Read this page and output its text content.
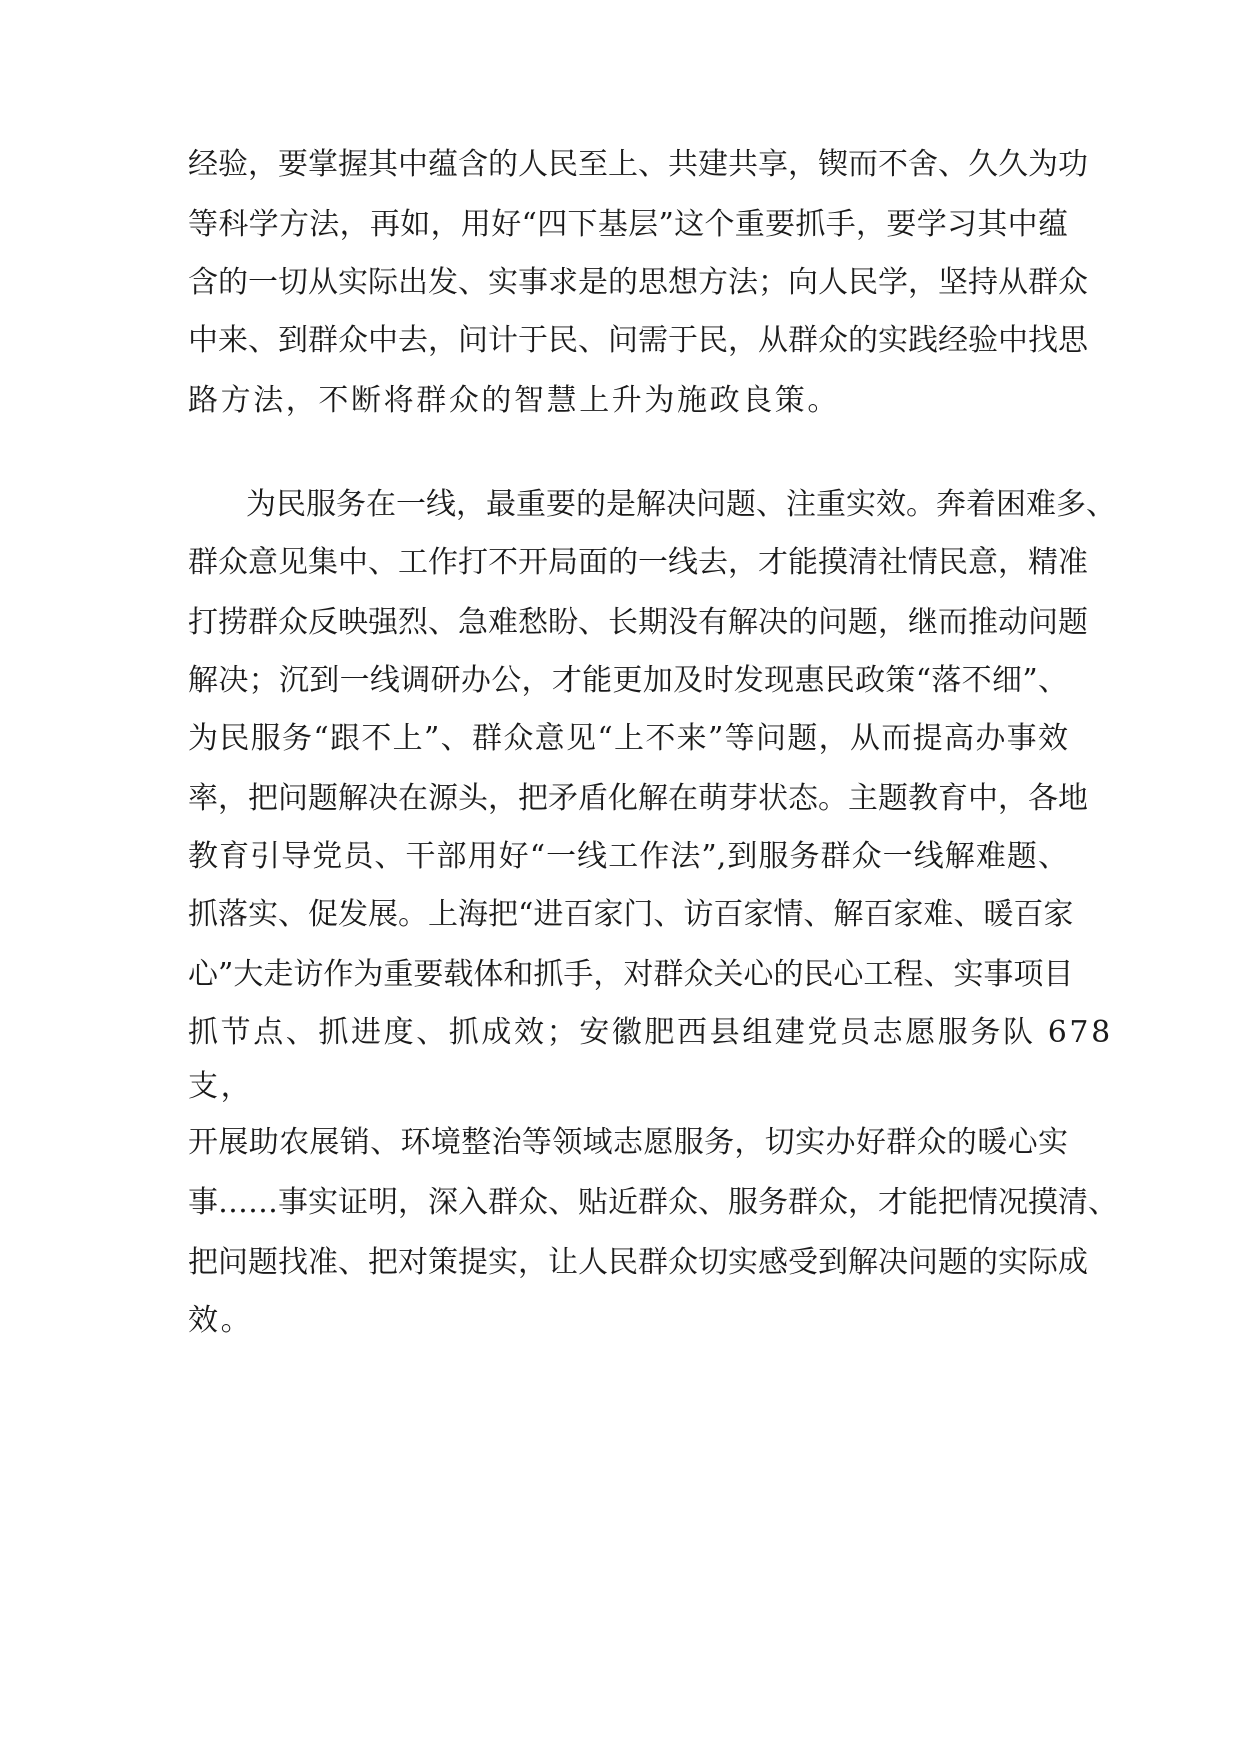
经验，要掌握其中蕴含的人民至上、共建共享，锲而不舍、久久为功
等科学方法，再如，用好“四下基层”这个重要抓手，要学习其中蕴
含的一切从实际出发、实事求是的思想方法；向人民学，坚持从群众
中来、到群众中去，问计于民、问需于民，从群众的实践经验中找思
路方法，不断将群众的智慧上升为施政良策。
为民服务在一线，最重要的是解决问题、注重实效。奔着困难多、
群众意见集中、工作打不开局面的一线去，才能摸清社情民意，精准
打捞群众反映强烈、急难愁盼、长期没有解决的问题，继而推动问题
解决；沉到一线调研办公，才能更加及时发现惠民政策“落不细”、
为民服务“跟不上”、群众意见“上不来”等问题，从而提高办事效
率，把问题解决在源头，把矛盾化解在萌芽状态。主题教育中，各地
教育引导党员、干部用好“一线工作法”,到服务群众一线解难题、
抓落实、促发展。上海把“进百家门、访百家情、解百家难、暖百家
心”大走访作为重要载体和抓手，对群众关心的民心工程、实事项目
抓节点、抓进度、抓成效；安徽肥西县组建党员志愿服务队 678
支，
开展助农展销、环境整治等领域志愿服务，切实办好群众的暖心实
事……事实证明，深入群众、贴近群众、服务群众，才能把情况摸清、
把问题找准、把对策提实，让人民群众切实感受到解决问题的实际成
效。
